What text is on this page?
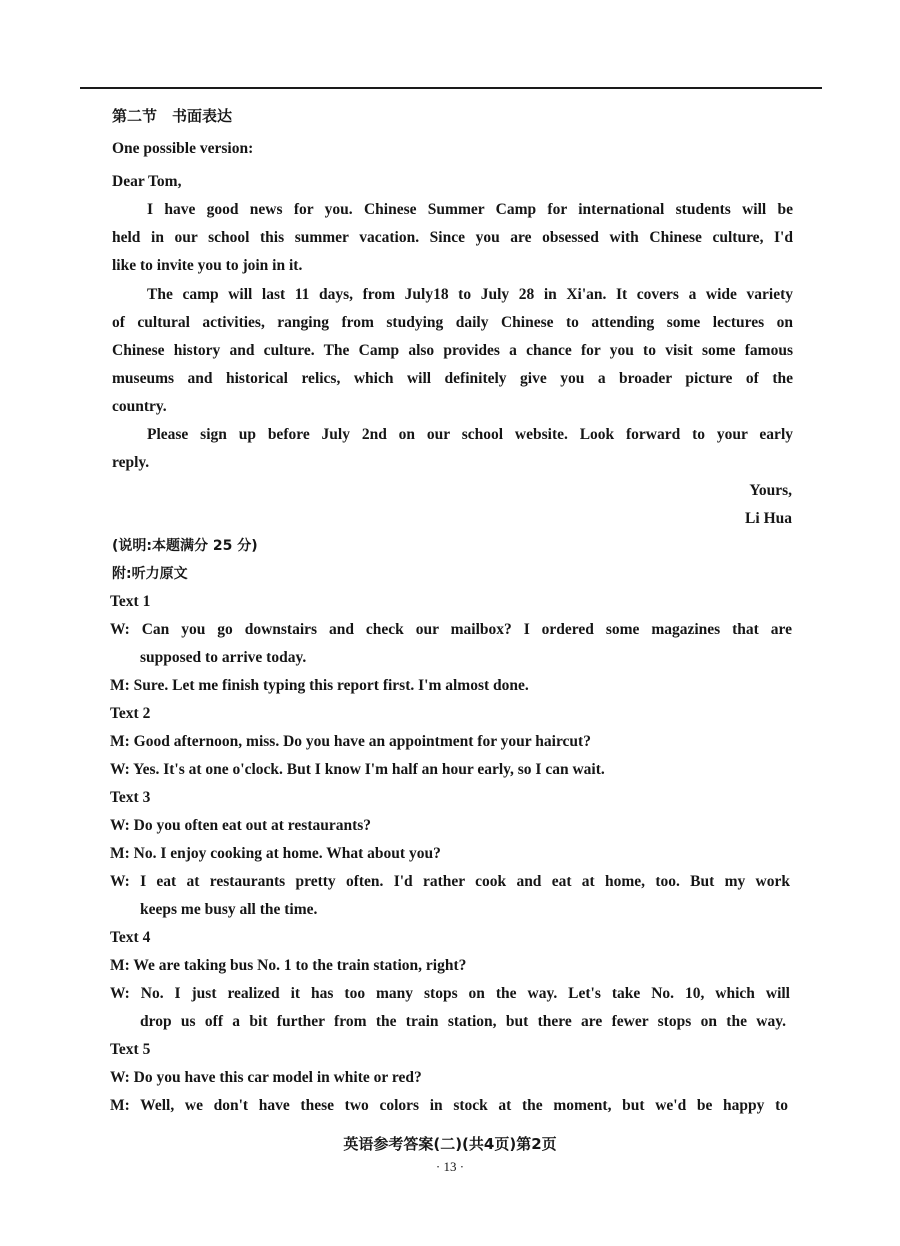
第二节　书面表达
One possible version:
Dear Tom,
I have good news for you. Chinese Summer Camp for international students will be
held in our school this summer vacation. Since you are obsessed with Chinese culture, I'd
like to invite you to join in it.
The camp will last 11 days, from July18 to July 28 in Xi'an. It covers a wide variety
of cultural activities, ranging from studying daily Chinese to attending some lectures on
Chinese history and culture. The Camp also provides a chance for you to visit some famous
museums and historical relics, which will definitely give you a broader picture of the
country.
Please sign up before July 2nd on our school website. Look forward to your early
reply.
Yours,
Li Hua
(说明:本题满分 25 分)
附:听力原文
Text 1
W: Can you go downstairs and check our mailbox? I ordered some magazines that are
supposed to arrive today.
M: Sure. Let me finish typing this report first. I'm almost done.
Text 2
M: Good afternoon, miss. Do you have an appointment for your haircut?
W: Yes. It's at one o'clock. But I know I'm half an hour early, so I can wait.
Text 3
W: Do you often eat out at restaurants?
M: No. I enjoy cooking at home. What about you?
W: I eat at restaurants pretty often. I'd rather cook and eat at home, too. But my work
keeps me busy all the time.
Text 4
M: We are taking bus No. 1 to the train station, right?
W: No. I just realized it has too many stops on the way. Let's take No. 10, which will
drop us off a bit further from the train station, but there are fewer stops on the way.
Text 5
W: Do you have this car model in white or red?
M: Well, we don't have these two colors in stock at the moment, but we'd be happy to
英语参考答案(二)(共4页)第2页
· 13 ·
